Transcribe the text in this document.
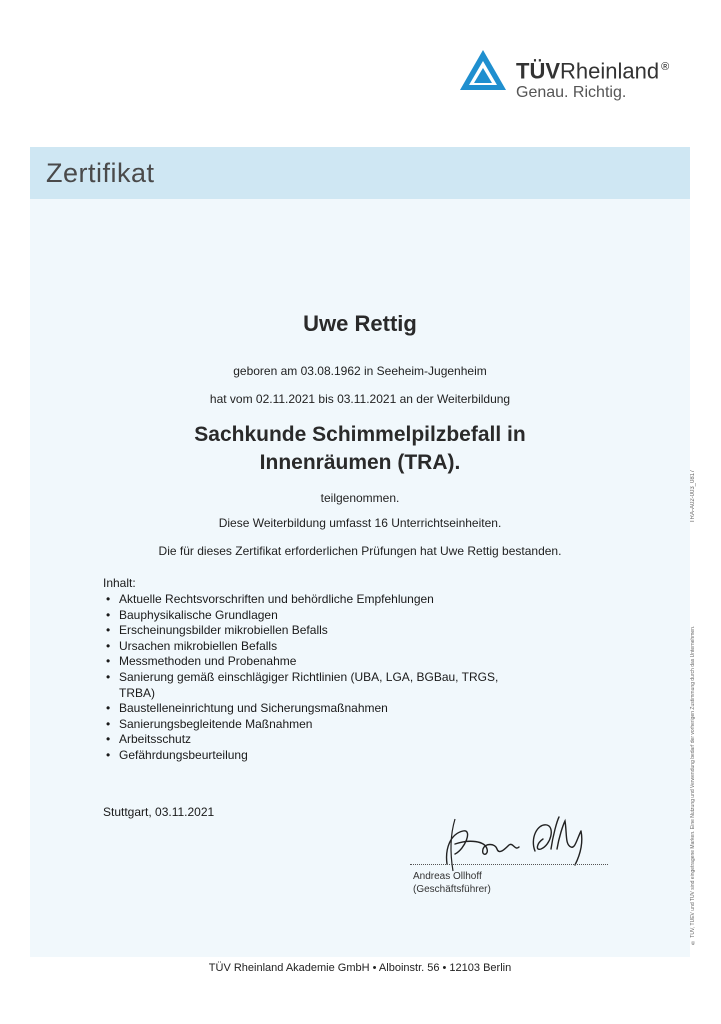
TÜVRheinland ®
Genau. Richtig.
Zertifikat
Uwe Rettig
geboren am 03.08.1962 in Seeheim-Jugenheim
hat vom 02.11.2021 bis 03.11.2021 an der Weiterbildung
Sachkunde Schimmelpilzbefall in
Innenräumen (TRA).
teilgenommen.
Diese Weiterbildung umfasst 16 Unterrichtseinheiten.
Die für dieses Zertifikat erforderlichen Prüfungen hat Uwe Rettig bestanden.
Inhalt:
• Aktuelle Rechtsvorschriften und behördliche Empfehlungen
• Bauphysikalische Grundlagen
• Erscheinungsbilder mikrobiellen Befalls
• Ursachen mikrobiellen Befalls
• Messmethoden und Probenahme
• Sanierung gemäß einschlägiger Richtlinien (UBA, LGA, BGBau, TRGS,
TRBA)
• Baustelleneinrichtung und Sicherungsmaßnahmen
• Sanierungsbegleitende Maßnahmen
• Arbeitsschutz
• Gefährdungsbeurteilung
Stuttgart, 03.11.2021
Andreas Ollhoff
(Geschäftsführer)
TÜV Rheinland Akademie GmbH • Alboinstr. 56 • 12103 Berlin
TRA-A02-003_0817
® TÜV, TUEV und TUV sind eingetragene Marken. Eine Nutzung und Verwendung bedarf der vorherigen Zustimmung durch das Unternehmen.
